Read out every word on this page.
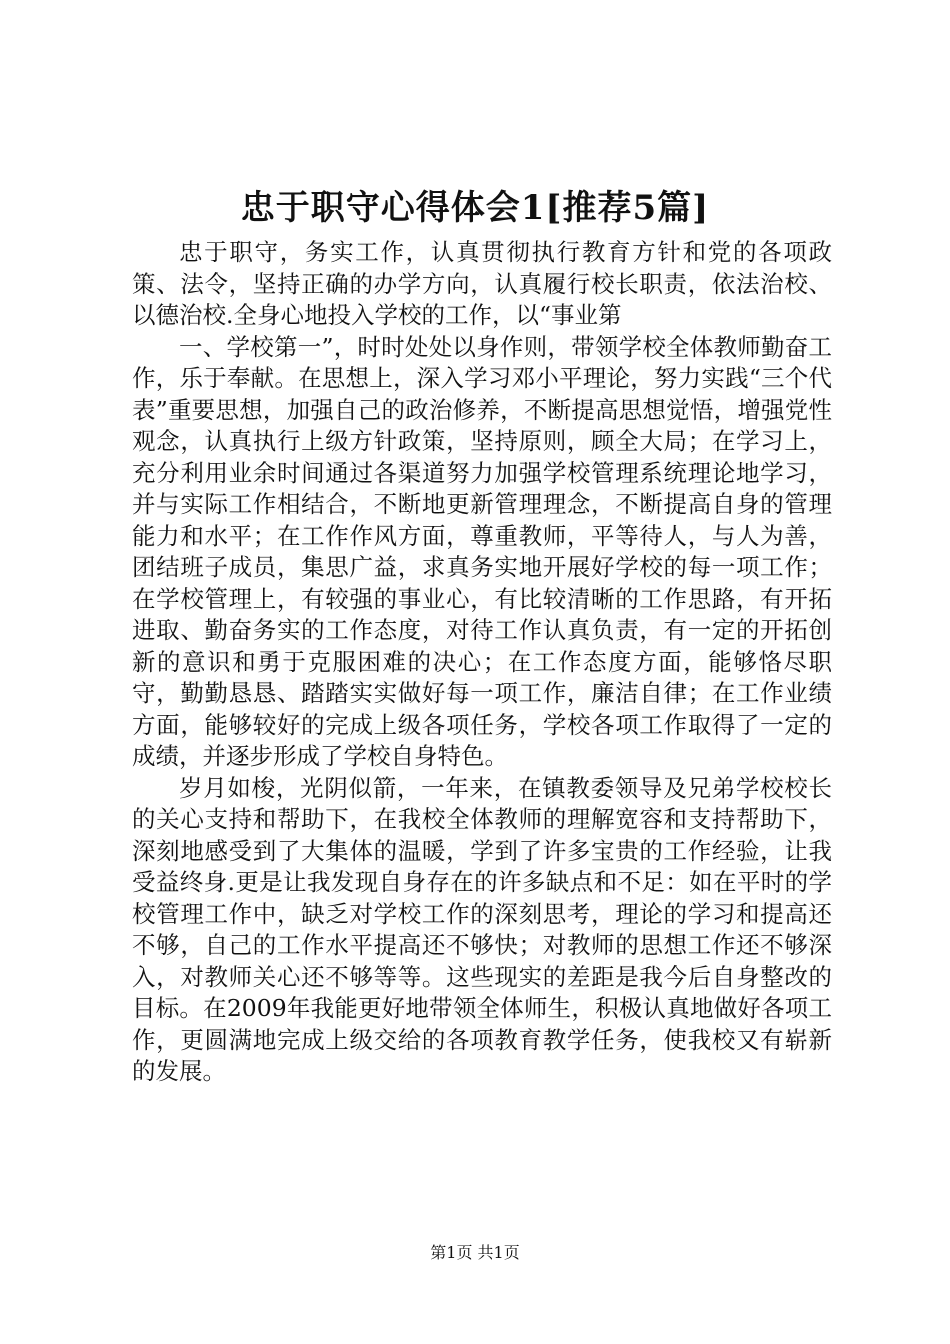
忠于职守心得体会1[推荐5篇]

忠于职守，务实工作，认真贯彻执行教育方针和党的各项政策、法令，坚持正确的办学方向，认真履行校长职责，依法治校、以德治校.全身心地投入学校的工作，以“事业第

一、学校第一”，时时处处以身作则，带领学校全体教师勤奋工作，乐于奉献。在思想上，深入学习邓小平理论，努力实践“三个代表”重要思想，加强自己的政治修养，不断提高思想觉悟，增强党性观念，认真执行上级方针政策，坚持原则，顾全大局；在学习上，充分利用业余时间通过各渠道努力加强学校管理系统理论地学习，并与实际工作相结合，不断地更新管理理念，不断提高自身的管理能力和水平；在工作作风方面，尊重教师，平等待人，与人为善，团结班子成员，集思广益，求真务实地开展好学校的每一项工作；在学校管理上，有较强的事业心，有比较清晰的工作思路，有开拓进取、勤奋务实的工作态度，对待工作认真负责，有一定的开拓创新的意识和勇于克服困难的决心；在工作态度方面，能够恪尽职守，勤勤恳恳、踏踏实实做好每一项工作，廉洁自律；在工作业绩方面，能够较好的完成上级各项任务，学校各项工作取得了一定的成绩，并逐步形成了学校自身特色。

岁月如梭，光阴似箭，一年来，在镇教委领导及兄弟学校校长的关心支持和帮助下，在我校全体教师的理解宽容和支持帮助下，深刻地感受到了大集体的温暖，学到了许多宝贵的工作经验，让我受益终身.更是让我发现自身存在的许多缺点和不足：如在平时的学校管理工作中，缺乏对学校工作的深刻思考，理论的学习和提高还不够，自己的工作水平提高还不够快；对教师的思想工作还不够深入，对教师关心还不够等等。这些现实的差距是我今后自身整改的目标。在2009年我能更好地带领全体师生，积极认真地做好各项工作，更圆满地完成上级交给的各项教育教学任务，使我校又有崭新的发展。

第1页 共1页
